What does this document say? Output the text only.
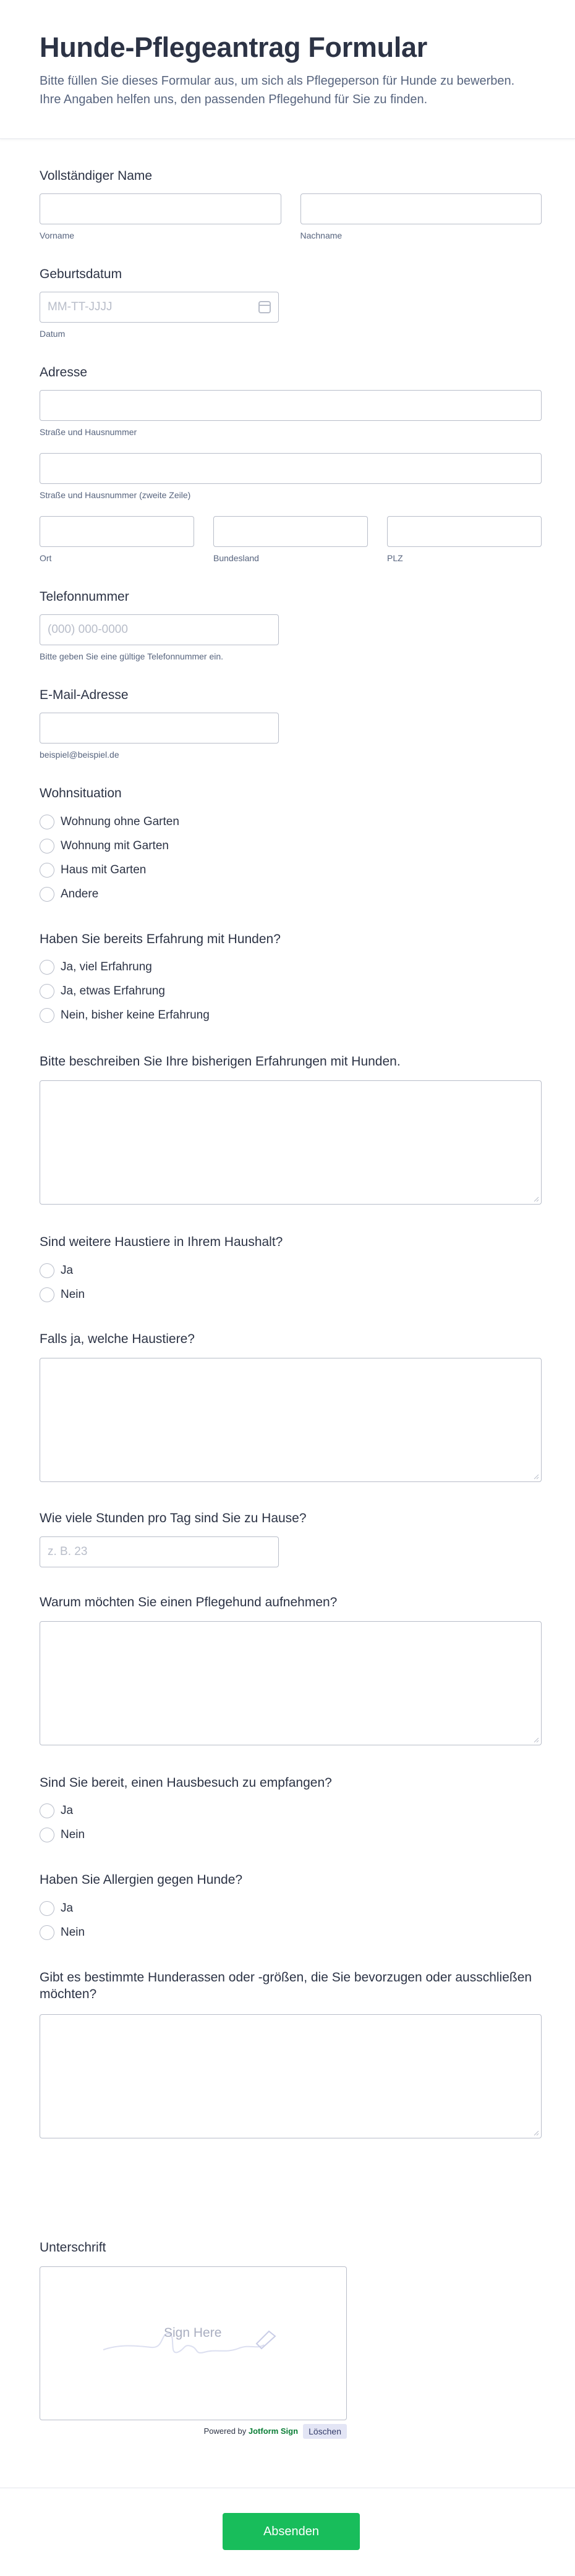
Hunde-Pflegeantrag Formular

Bitte füllen Sie dieses Formular aus, um sich als Pflegeperson für Hunde zu bewerben. Ihre Angaben helfen uns, den passenden Pflegehund für Sie zu finden.

Vollständiger Name
Vorname	Nachname
Geburtsdatum
MM-TT-JJJJ
Datum
Adresse
Straße und Hausnummer
Straße und Hausnummer (zweite Zeile)
Ort	Bundesland	PLZ
Telefonnummer
(000) 000-0000
Bitte geben Sie eine gültige Telefonnummer ein.
E-Mail-Adresse
beispiel@beispiel.de
Wohnsituation
Wohnung ohne Garten
Wohnung mit Garten
Haus mit Garten
Andere
Haben Sie bereits Erfahrung mit Hunden?
Ja, viel Erfahrung
Ja, etwas Erfahrung
Nein, bisher keine Erfahrung
Bitte beschreiben Sie Ihre bisherigen Erfahrungen mit Hunden.
Sind weitere Haustiere in Ihrem Haushalt?
Ja
Nein
Falls ja, welche Haustiere?
Wie viele Stunden pro Tag sind Sie zu Hause?
z. B. 23
Warum möchten Sie einen Pflegehund aufnehmen?
Sind Sie bereit, einen Hausbesuch zu empfangen?
Ja
Nein
Haben Sie Allergien gegen Hunde?
Ja
Nein
Gibt es bestimmte Hunderassen oder -größen, die Sie bevorzugen oder ausschließen möchten?
Unterschrift
Sign Here
Powered by Jotform Sign	Löschen
Absenden
